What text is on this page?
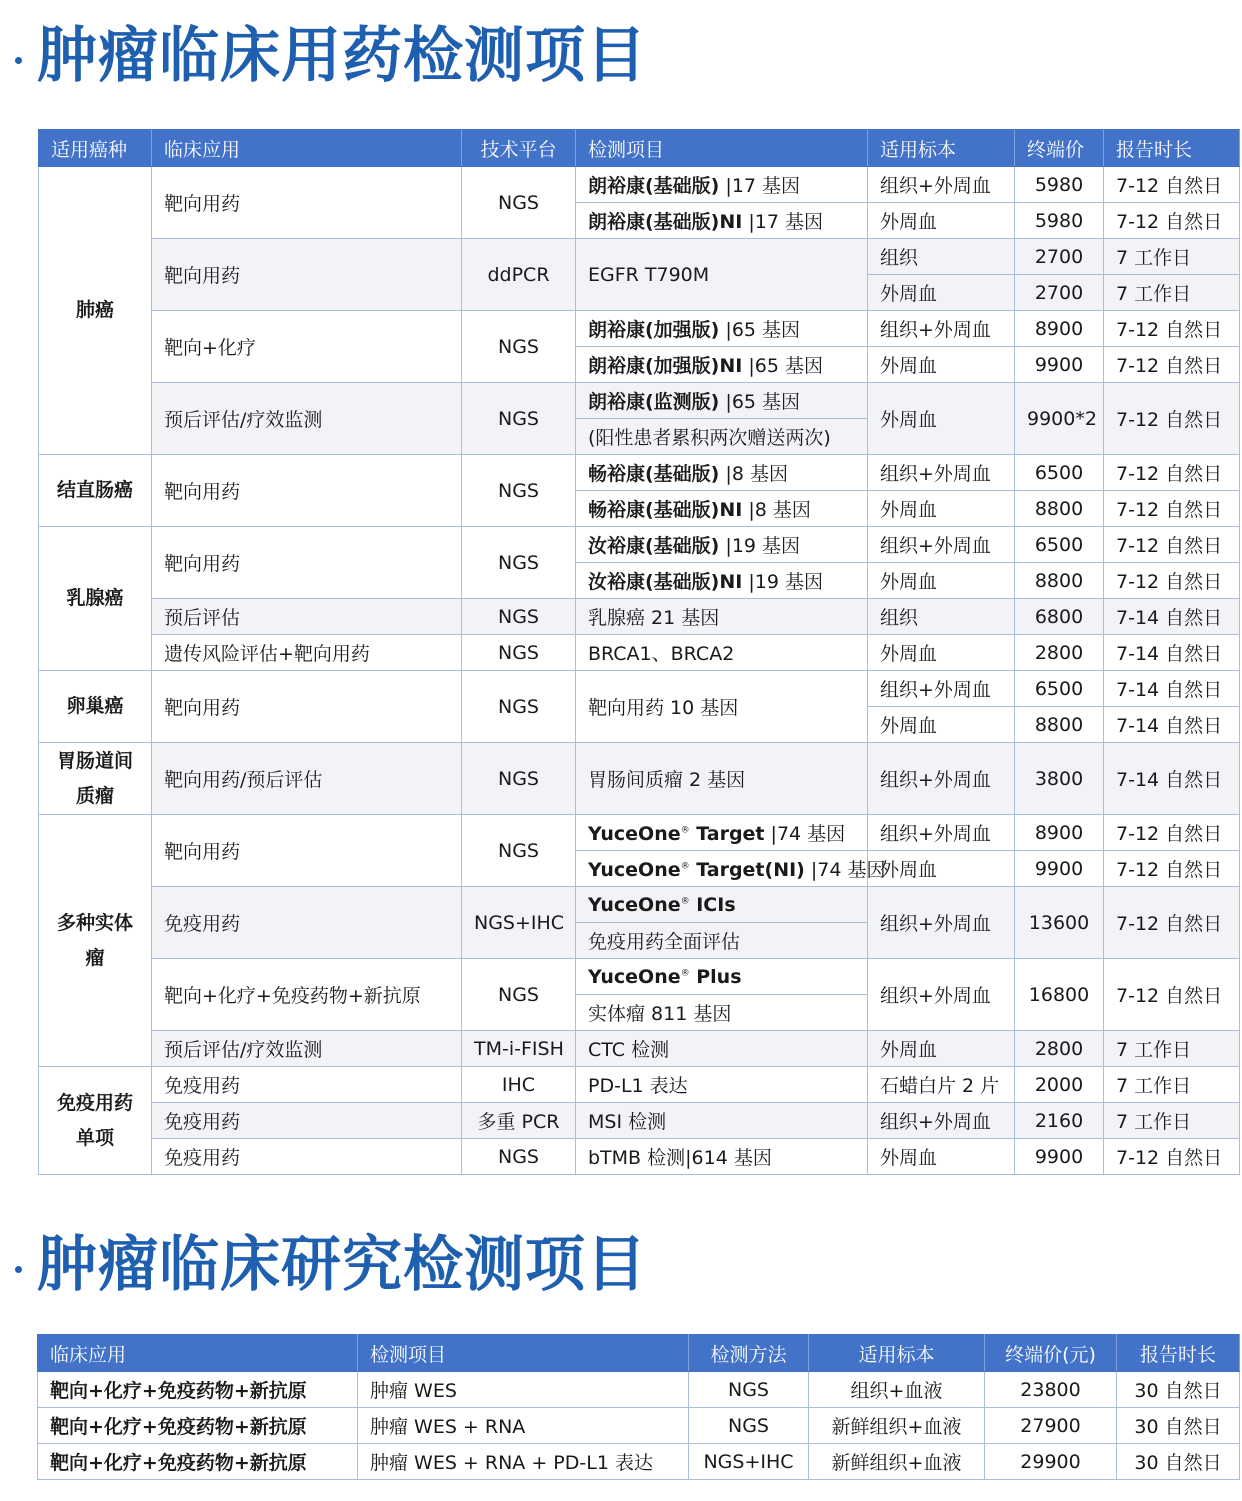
肿瘤临床用药检测项目
适用癌种	临床应用	技术平台	检测项目	适用标本	终端价	报告时长
肺癌	靶向用药	NGS	朗裕康(基础版) |17 基因	组织+外周血	5980	7-12 自然日
			朗裕康(基础版)NI |17 基因	外周血	5980	7-12 自然日
	靶向用药	ddPCR	EGFR T790M	组织	2700	7 工作日
				外周血	2700	7 工作日
	靶向+化疗	NGS	朗裕康(加强版) |65 基因	组织+外周血	8900	7-12 自然日
			朗裕康(加强版)NI |65 基因	外周血	9900	7-12 自然日
	预后评估/疗效监测	NGS	朗裕康(监测版) |65 基因	外周血	9900*2	7-12 自然日
			(阳性患者累积两次赠送两次)			
结直肠癌	靶向用药	NGS	畅裕康(基础版) |8 基因	组织+外周血	6500	7-12 自然日
			畅裕康(基础版)NI |8 基因	外周血	8800	7-12 自然日
乳腺癌	靶向用药	NGS	汝裕康(基础版) |19 基因	组织+外周血	6500	7-12 自然日
			汝裕康(基础版)NI |19 基因	外周血	8800	7-12 自然日
	预后评估	NGS	乳腺癌 21 基因	组织	6800	7-14 自然日
	遗传风险评估+靶向用药	NGS	BRCA1、BRCA2	外周血	2800	7-14 自然日
卵巢癌	靶向用药	NGS	靶向用药 10 基因	组织+外周血	6500	7-14 自然日
				外周血	8800	7-14 自然日
胃肠道间质瘤	靶向用药/预后评估	NGS	胃肠间质瘤 2 基因	组织+外周血	3800	7-14 自然日
多种实体瘤	靶向用药	NGS	YuceOne® Target |74 基因	组织+外周血	8900	7-12 自然日
			YuceOne® Target(NI) |74 基因	外周血	9900	7-12 自然日
	免疫用药	NGS+IHC	YuceOne® ICIs	组织+外周血	13600	7-12 自然日
			免疫用药全面评估			
	靶向+化疗+免疫药物+新抗原	NGS	YuceOne® Plus	组织+外周血	16800	7-12 自然日
			实体瘤 811 基因			
	预后评估/疗效监测	TM-i-FISH	CTC 检测	外周血	2800	7 工作日
免疫用药单项	免疫用药	IHC	PD-L1 表达	石蜡白片 2 片	2000	7 工作日
	免疫用药	多重 PCR	MSI 检测	组织+外周血	2160	7 工作日
	免疫用药	NGS	bTMB 检测|614 基因	外周血	9900	7-12 自然日
肿瘤临床研究检测项目
临床应用	检测项目	检测方法	适用标本	终端价(元)	报告时长
靶向+化疗+免疫药物+新抗原	肿瘤 WES	NGS	组织+血液	23800	30 自然日
靶向+化疗+免疫药物+新抗原	肿瘤 WES + RNA	NGS	新鲜组织+血液	27900	30 自然日
靶向+化疗+免疫药物+新抗原	肿瘤 WES + RNA + PD-L1 表达	NGS+IHC	新鲜组织+血液	29900	30 自然日
